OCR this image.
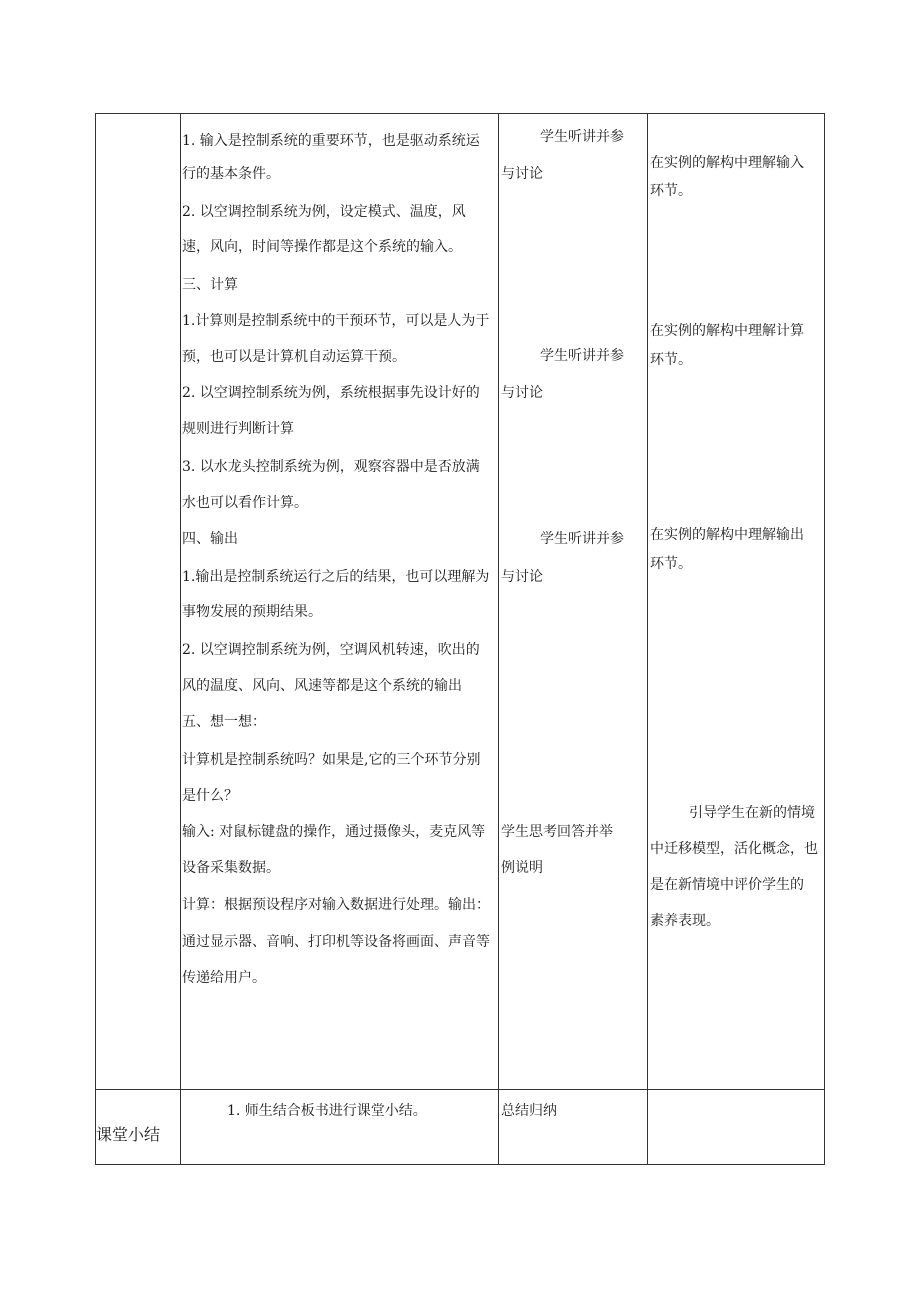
1. 输入是控制系统的重要环节，也是驱动系统运
行的基本条件。
2. 以空调控制系统为例，设定模式、温度，风
速，风向，时间等操作都是这个系统的输入。
三、计算
1.计算则是控制系统中的干预环节，可以是人为于
预，也可以是计算机自动运算干预。
2. 以空调控制系统为例，系统根据事先设计好的
规则进行判断计算
3. 以水龙头控制系统为例，观察容器中是否放满
水也可以看作计算。
四、输出
1.输出是控制系统运行之后的结果，也可以理解为
事物发展的预期结果。
2. 以空调控制系统为例，空调风机转速，吹出的
风的温度、风向、风速等都是这个系统的输出
五、想一想：
计算机是控制系统吗？如果是,它的三个环节分别
是什么？
输入: 对鼠标键盘的操作，通过摄像头，麦克风等
设备采集数据。
计算：根据预设程序对输入数据进行处理。输出：
通过显示器、音响、打印机等设备将画面、声音等
传递给用户。
1. 师生结合板书进行课堂小结。
学生听讲并参
与讨论
学生听讲并参
与讨论
学生听讲并参
与讨论
学生思考回答并举
例说明
总结归纳
在实例的解构中理解输入
环节。
在实例的解构中理解计算
环节。
在实例的解构中理解输出
环节。
引导学生在新的情境
中迁移模型，活化概念，也
是在新情境中评价学生的
素养表现。
课堂小结
